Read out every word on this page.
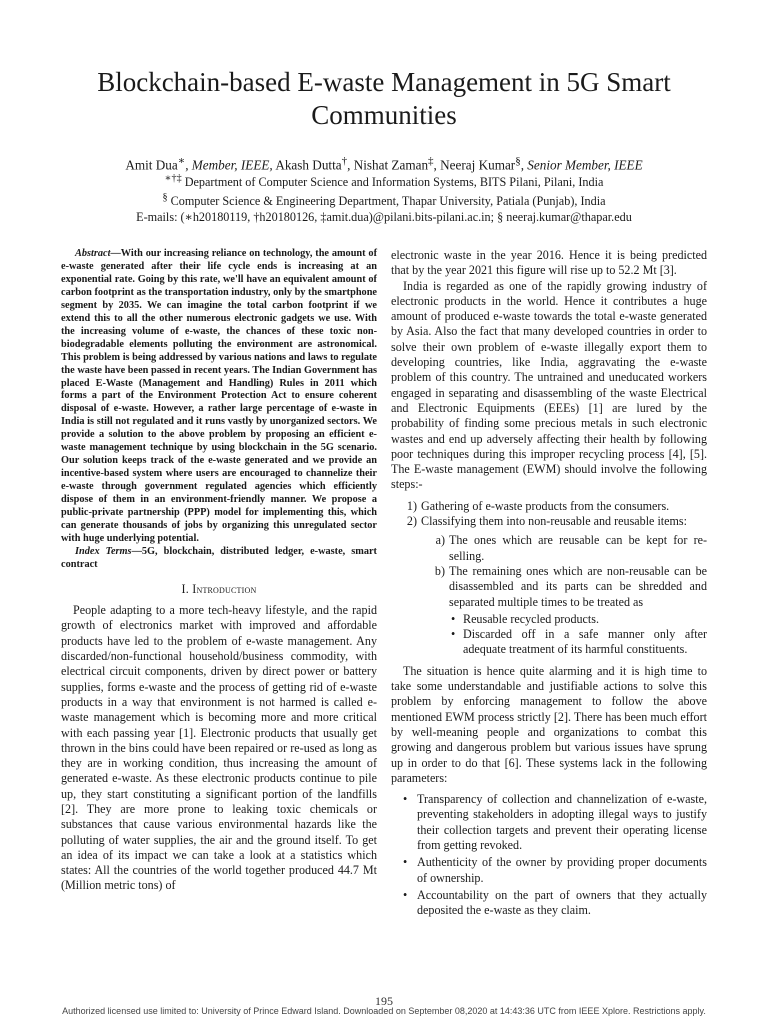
Blockchain-based E-waste Management in 5G Smart Communities
Amit Dua∗, Member, IEEE, Akash Dutta†, Nishat Zaman‡, Neeraj Kumar§, Senior Member, IEEE
∗†‡ Department of Computer Science and Information Systems, BITS Pilani, Pilani, India
§ Computer Science & Engineering Department, Thapar University, Patiala (Punjab), India
E-mails: (∗h20180119, †h20180126, ‡amit.dua)@pilani.bits-pilani.ac.in; § neeraj.kumar@thapar.edu

Abstract—With our increasing reliance on technology, the amount of e-waste generated after their life cycle ends is increasing at an exponential rate. Going by this rate, we'll have an equivalent amount of carbon footprint as the transportation industry, only by the smartphone segment by 2035. We can imagine the total carbon footprint if we extend this to all the other numerous electronic gadgets we use. With the increasing volume of e-waste, the chances of these toxic non-biodegradable elements polluting the environment are astronomical. This problem is being addressed by various nations and laws to regulate the waste have been passed in recent years. The Indian Government has placed E-Waste (Management and Handling) Rules in 2011 which forms a part of the Environment Protection Act to ensure coherent disposal of e-waste. However, a rather large percentage of e-waste in India is still not regulated and it runs vastly by unorganized sectors. We provide a solution to the above problem by proposing an efficient e-waste management technique by using blockchain in the 5G scenario. Our solution keeps track of the e-waste generated and we provide an incentive-based system where users are encouraged to channelize their e-waste through government regulated agencies which efficiently dispose of them in an environment-friendly manner. We propose a public-private partnership (PPP) model for implementing this, which can generate thousands of jobs by organizing this unregulated sector with huge underlying potential.

Index Terms—5G, blockchain, distributed ledger, e-waste, smart contract

I. Introduction

People adapting to a more tech-heavy lifestyle, and the rapid growth of electronics market with improved and affordable products have led to the problem of e-waste management. Any discarded/non-functional household/business commodity, with electrical circuit components, driven by direct power or battery supplies, forms e-waste and the process of getting rid of e-waste products in a way that environment is not harmed is called e-waste management which is becoming more and more critical with each passing year [1]. Electronic products that usually get thrown in the bins could have been repaired or re-used as long as they are in working condition, thus increasing the amount of generated e-waste. As these electronic products continue to pile up, they start constituting a significant portion of the landfills [2]. They are more prone to leaking toxic chemicals or substances that cause various environmental hazards like the polluting of water supplies, the air and the ground itself. To get an idea of its impact we can take a look at a statistics which states: All the countries of the world together produced 44.7 Mt (Million metric tons) of

electronic waste in the year 2016. Hence it is being predicted that by the year 2021 this figure will rise up to 52.2 Mt [3].

India is regarded as one of the rapidly growing industry of electronic products in the world. Hence it contributes a huge amount of produced e-waste towards the total e-waste generated by Asia. Also the fact that many developed countries in order to solve their own problem of e-waste illegally export them to developing countries, like India, aggravating the e-waste problem of this country. The untrained and uneducated workers engaged in separating and disassembling of the waste Electrical and Electronic Equipments (EEEs) [1] are lured by the probability of finding some precious metals in such electronic wastes and end up adversely affecting their health by following poor techniques during this improper recycling process [4], [5]. The E-waste management (EWM) should involve the following steps:-

1) Gathering of e-waste products from the consumers.
2) Classifying them into non-reusable and reusable items:
a) The ones which are reusable can be kept for re-selling.
b) The remaining ones which are non-reusable can be disassembled and its parts can be shredded and separated multiple times to be treated as
• Reusable recycled products.
• Discarded off in a safe manner only after adequate treatment of its harmful constituents.

The situation is hence quite alarming and it is high time to take some understandable and justifiable actions to solve this problem by enforcing management to follow the above mentioned EWM process strictly [2]. There has been much effort by well-meaning people and organizations to combat this growing and dangerous problem but various issues have sprung up in order to do that [6]. These systems lack in the following parameters:

• Transparency of collection and channelization of e-waste, preventing stakeholders in adopting illegal ways to justify their collection targets and prevent their operating license from getting revoked.
• Authenticity of the owner by providing proper documents of ownership.
• Accountability on the part of owners that they actually deposited the e-waste as they claim.
195
Authorized licensed use limited to: University of Prince Edward Island. Downloaded on September 08,2020 at 14:43:36 UTC from IEEE Xplore. Restrictions apply.
